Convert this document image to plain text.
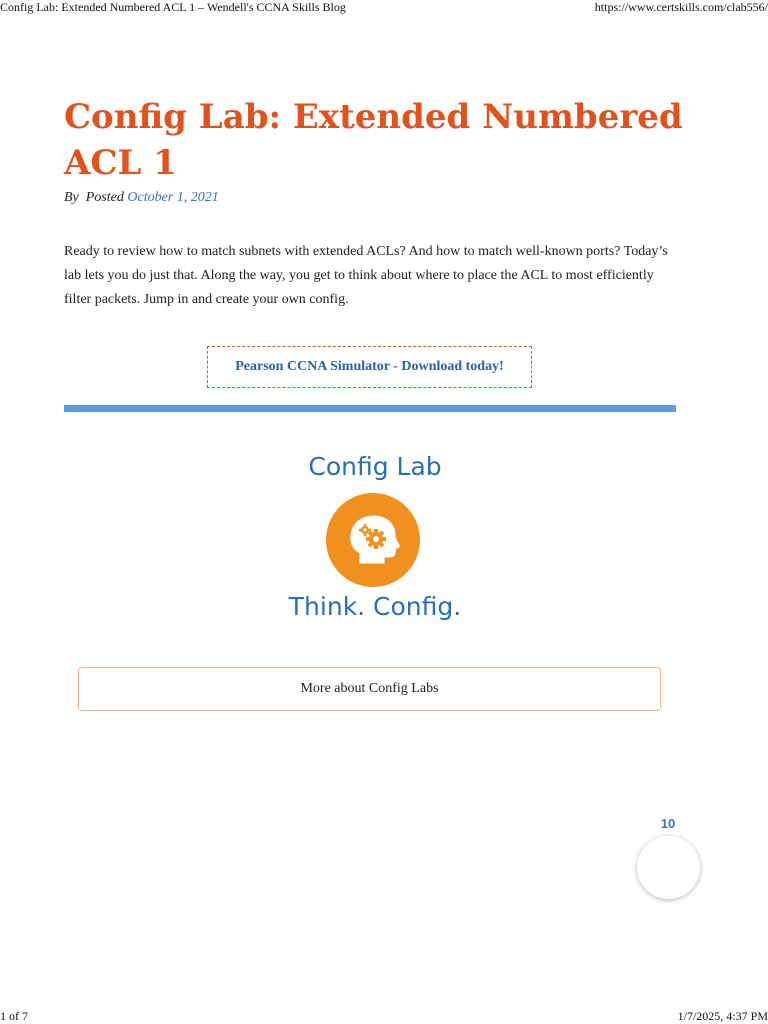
Config Lab: Extended Numbered ACL 1 – Wendell's CCNA Skills Blog	https://www.certskills.com/clab556/
Config Lab: Extended Numbered ACL 1
By  Posted October 1, 2021

Ready to review how to match subnets with extended ACLs? And how to match well-known ports? Today’s lab lets you do just that. Along the way, you get to think about where to place the ACL to most efficiently filter packets. Jump in and create your own config.

Pearson CCNA Simulator - Download today!
Config Lab
Think. Config.
More about Config Labs
10
1 of 7	1/7/2025, 4:37 PM
